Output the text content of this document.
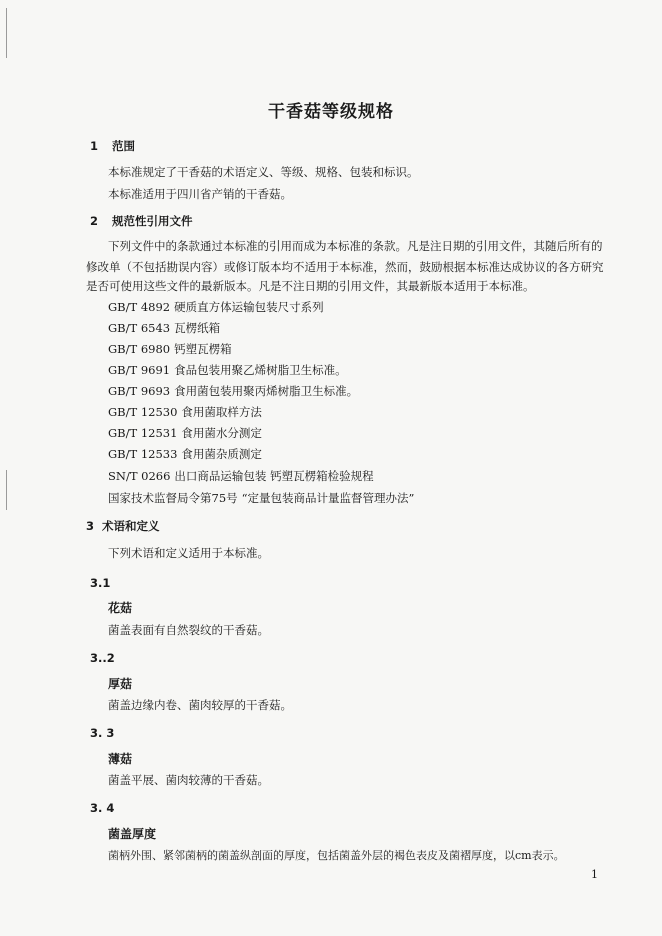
干香菇等级规格
1 范围
本标准规定了干香菇的术语定义、等级、规格、包装和标识。
本标准适用于四川省产销的干香菇。
2 规范性引用文件
下列文件中的条款通过本标准的引用而成为本标准的条款。凡是注日期的引用文件，其随后所有的
修改单（不包括勘误内容）或修订版本均不适用于本标准，然而，鼓励根据本标准达成协议的各方研究
是否可使用这些文件的最新版本。凡是不注日期的引用文件，其最新版本适用于本标准。
GB/T 4892 硬质直方体运输包装尺寸系列
GB/T 6543 瓦楞纸箱
GB/T 6980 钙塑瓦楞箱
GB/T 9691 食品包装用聚乙烯树脂卫生标准。
GB/T 9693 食用菌包装用聚丙烯树脂卫生标准。
GB/T 12530 食用菌取样方法
GB/T 12531 食用菌水分测定
GB/T 12533 食用菌杂质测定
SN/T 0266 出口商品运输包装 钙塑瓦楞箱检验规程
国家技术监督局令第75号 “定量包装商品计量监督管理办法”
3 术语和定义
下列术语和定义适用于本标准。
3.1
花菇
菌盖表面有自然裂纹的干香菇。
3..2
厚菇
菌盖边缘内卷、菌肉较厚的干香菇。
3. 3
薄菇
菌盖平展、菌肉较薄的干香菇。
3. 4
菌盖厚度
菌柄外围、紧邻菌柄的菌盖纵剖面的厚度，包括菌盖外层的褐色表皮及菌褶厚度，以cm表示。
1
